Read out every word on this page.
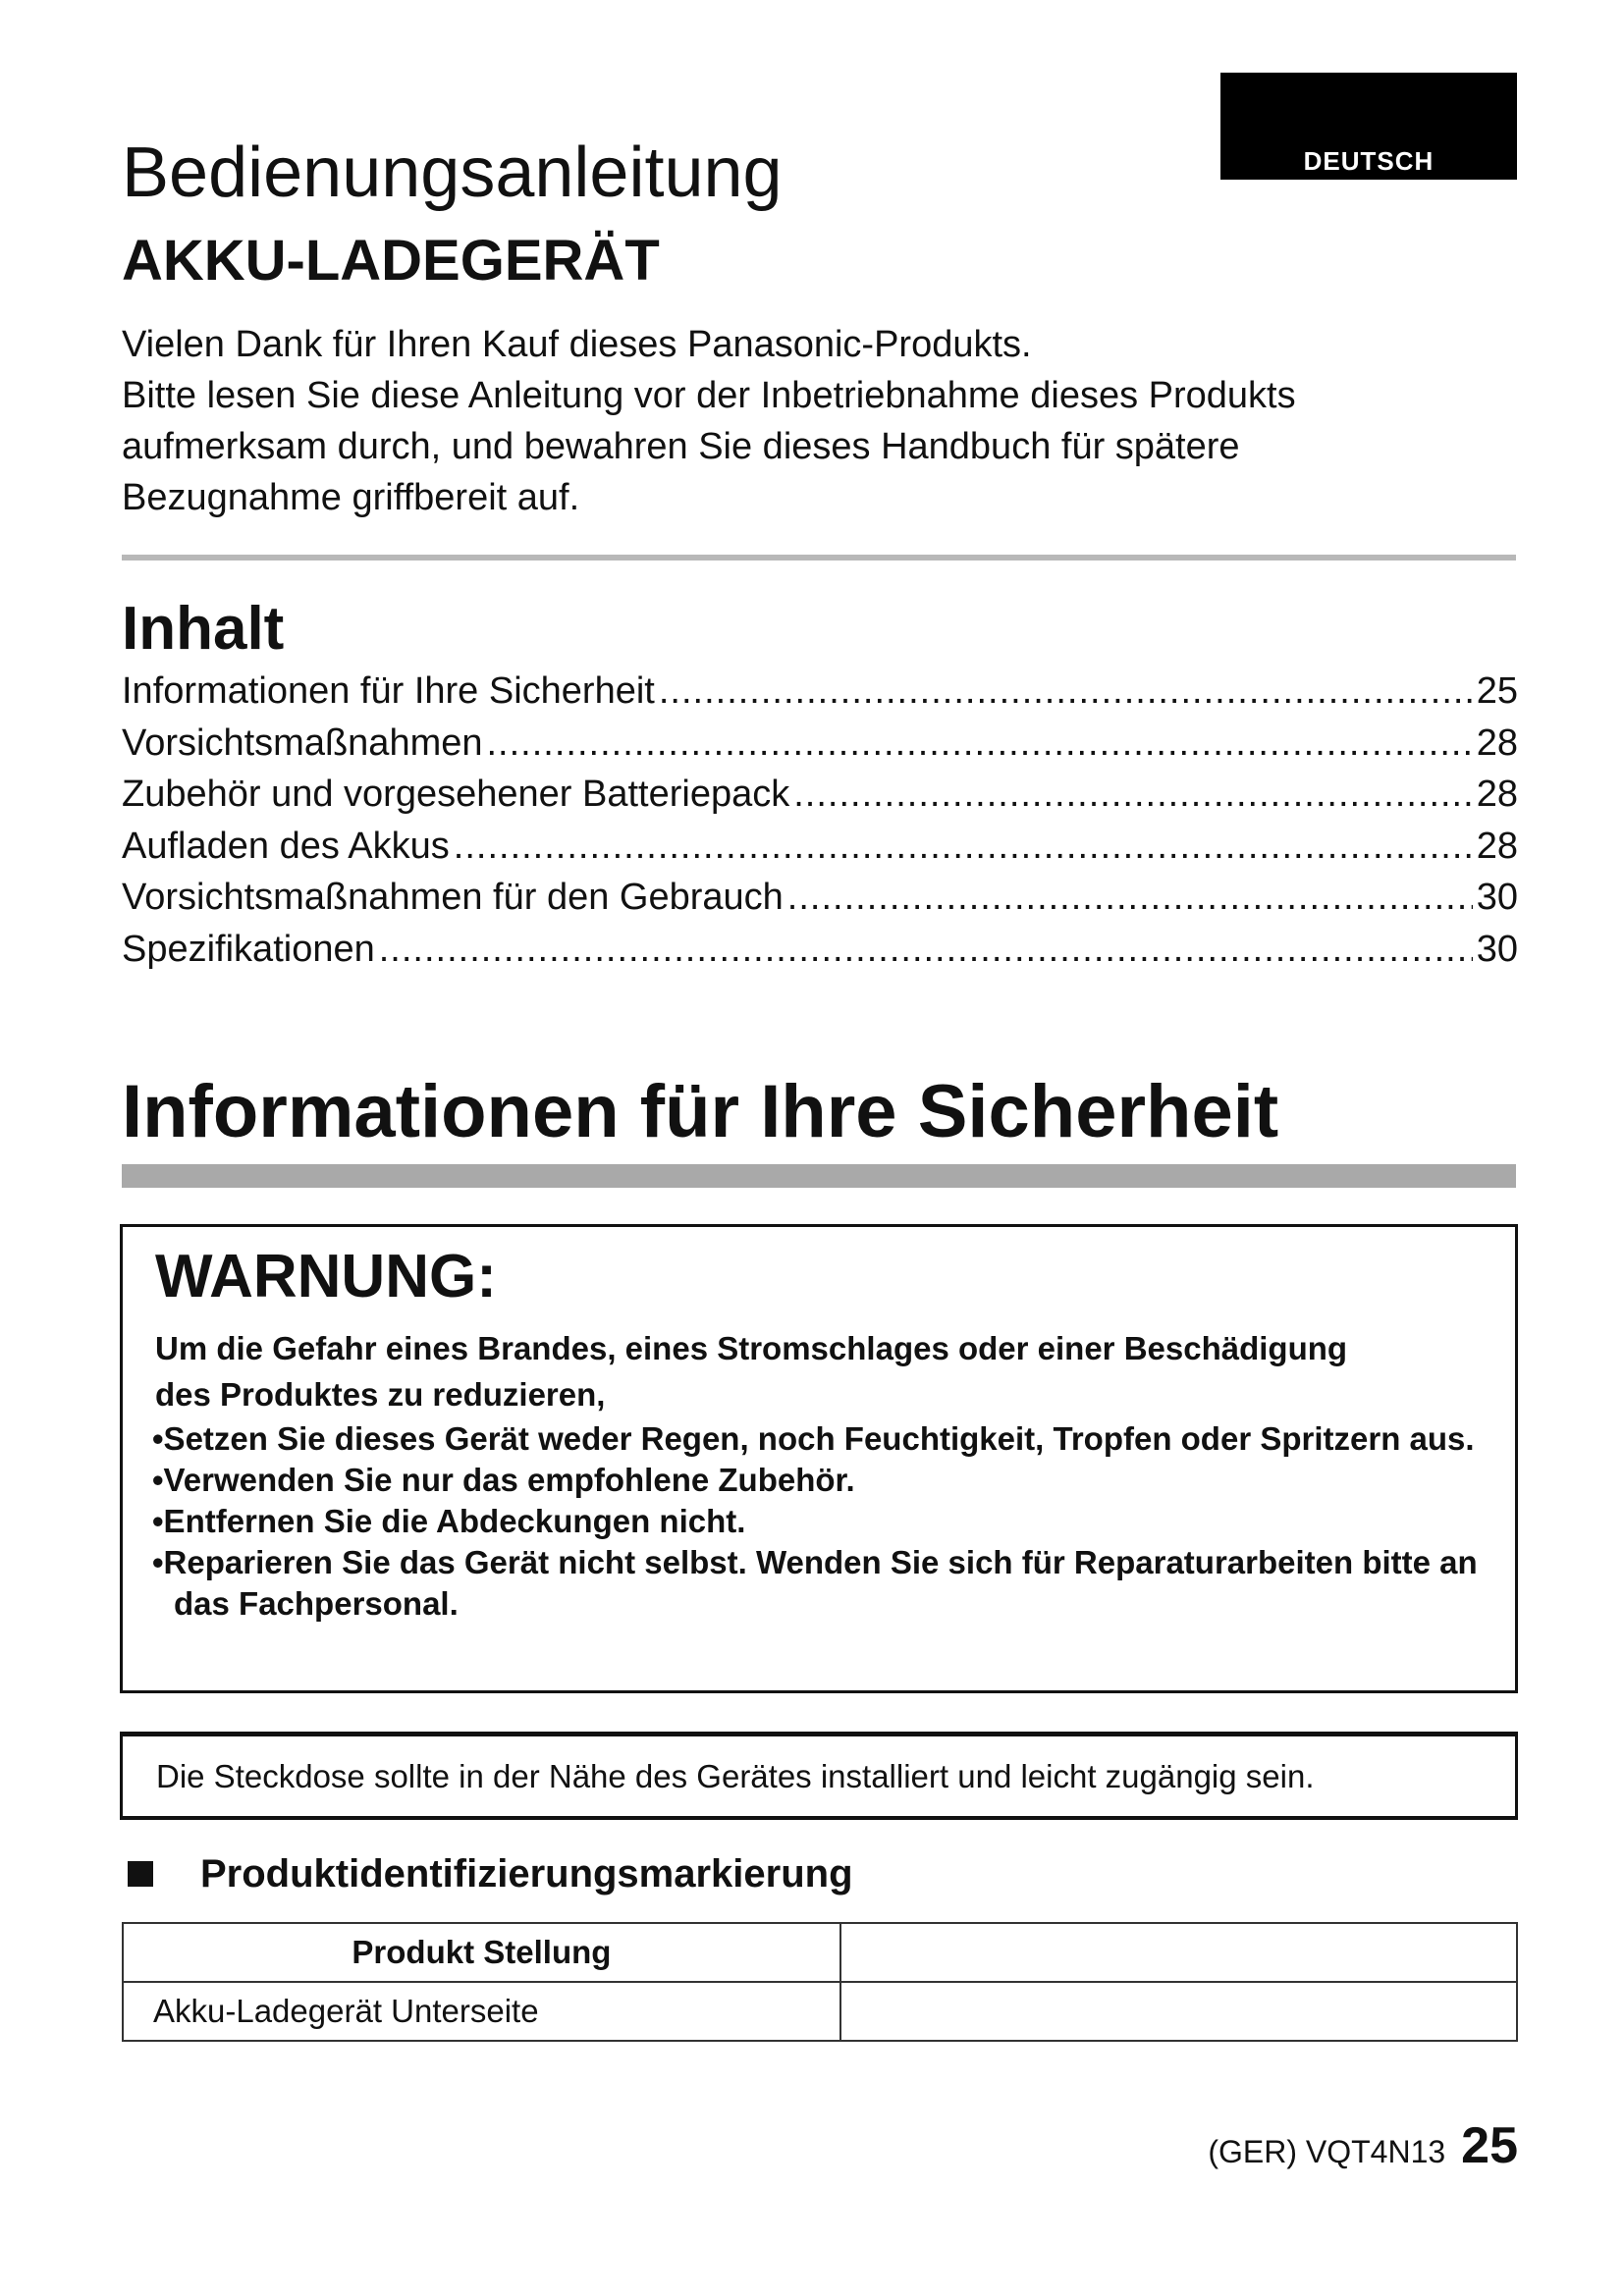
DEUTSCH
Bedienungsanleitung
AKKU-LADEGERÄT
Vielen Dank für Ihren Kauf dieses Panasonic-Produkts.
Bitte lesen Sie diese Anleitung vor der Inbetriebnahme dieses Produkts
aufmerksam durch, und bewahren Sie dieses Handbuch für spätere
Bezugnahme griffbereit auf.
Inhalt
Informationen für Ihre Sicherheit .....	25
Vorsichtsmaßnahmen .....	28
Zubehör und vorgesehener Batteriepack .....	28
Aufladen des Akkus .....	28
Vorsichtsmaßnahmen für den Gebrauch .....	30
Spezifikationen .....	30
Informationen für Ihre Sicherheit
WARNUNG:
Um die Gefahr eines Brandes, eines Stromschlages oder einer Beschädigung
des Produktes zu reduzieren,
•Setzen Sie dieses Gerät weder Regen, noch Feuchtigkeit, Tropfen oder Spritzern aus.
•Verwenden Sie nur das empfohlene Zubehör.
•Entfernen Sie die Abdeckungen nicht.
•Reparieren Sie das Gerät nicht selbst. Wenden Sie sich für Reparaturarbeiten bitte an das Fachpersonal.
Die Steckdose sollte in der Nähe des Gerätes installiert und leicht zugängig sein.
Produktidentifizierungsmarkierung
Produkt Stellung	
Akku-Ladegerät Unterseite	
(GER) VQT4N13 25
